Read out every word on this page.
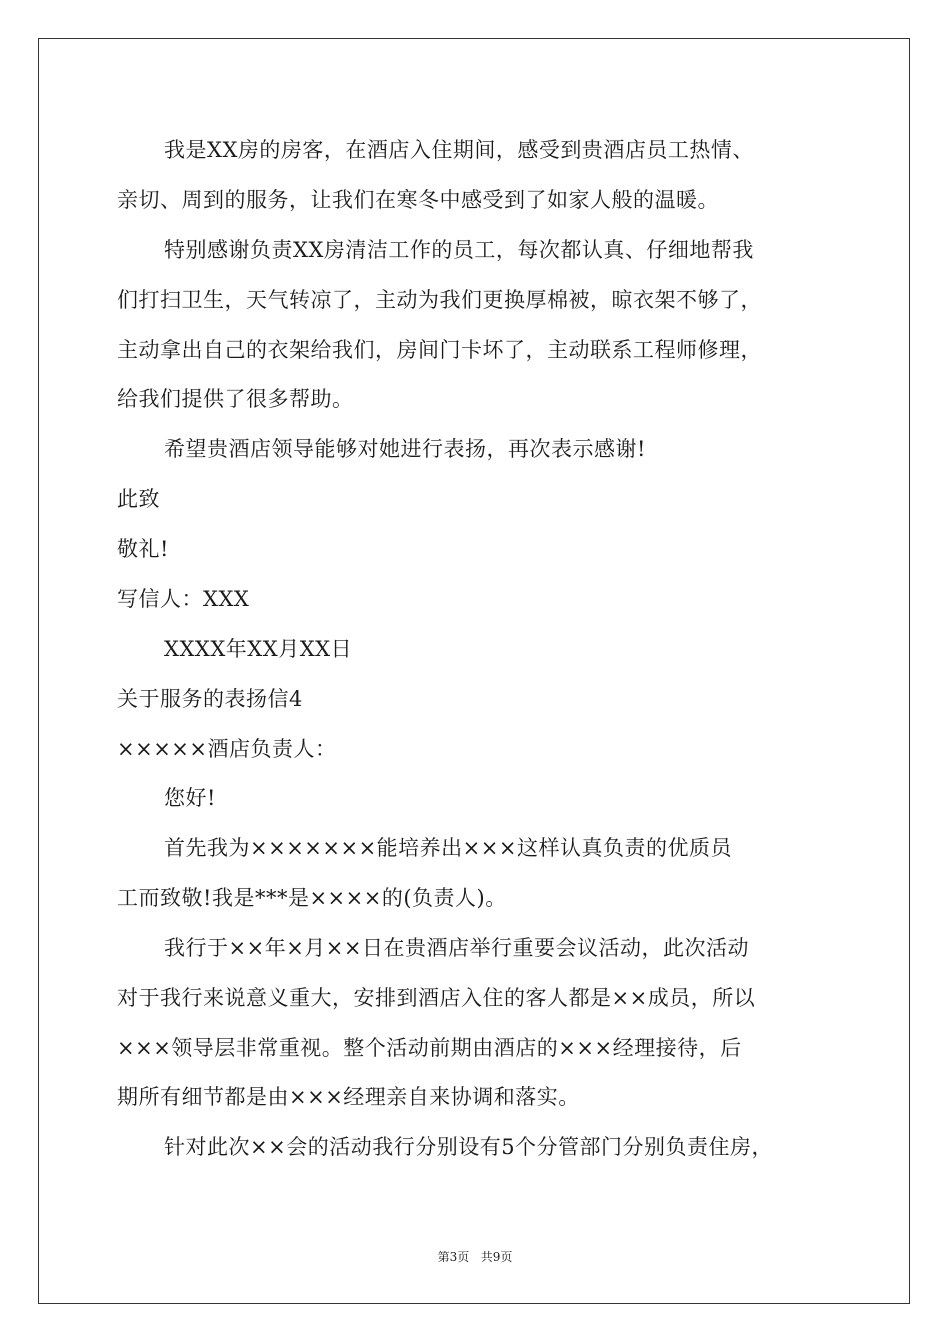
我是XX房的房客，在酒店入住期间，感受到贵酒店员工热情、
亲切、周到的服务，让我们在寒冬中感受到了如家人般的温暖。
特别感谢负责XX房清洁工作的员工，每次都认真、仔细地帮我
们打扫卫生，天气转凉了，主动为我们更换厚棉被，晾衣架不够了，
主动拿出自己的衣架给我们，房间门卡坏了，主动联系工程师修理，
给我们提供了很多帮助。
希望贵酒店领导能够对她进行表扬，再次表示感谢!
此致
敬礼!
写信人：XXX
XXXX年XX月XX日
关于服务的表扬信4
×××××酒店负责人：
您好!
首先我为×××××××能培养出×××这样认真负责的优质员
工而致敬!我是***是××××的(负责人)。
我行于××年×月××日在贵酒店举行重要会议活动，此次活动
对于我行来说意义重大，安排到酒店入住的客人都是××成员，所以
×××领导层非常重视。整个活动前期由酒店的×××经理接待，后
期所有细节都是由×××经理亲自来协调和落实。
针对此次××会的活动我行分别设有5个分管部门分别负责住房，
第3页   共9页
